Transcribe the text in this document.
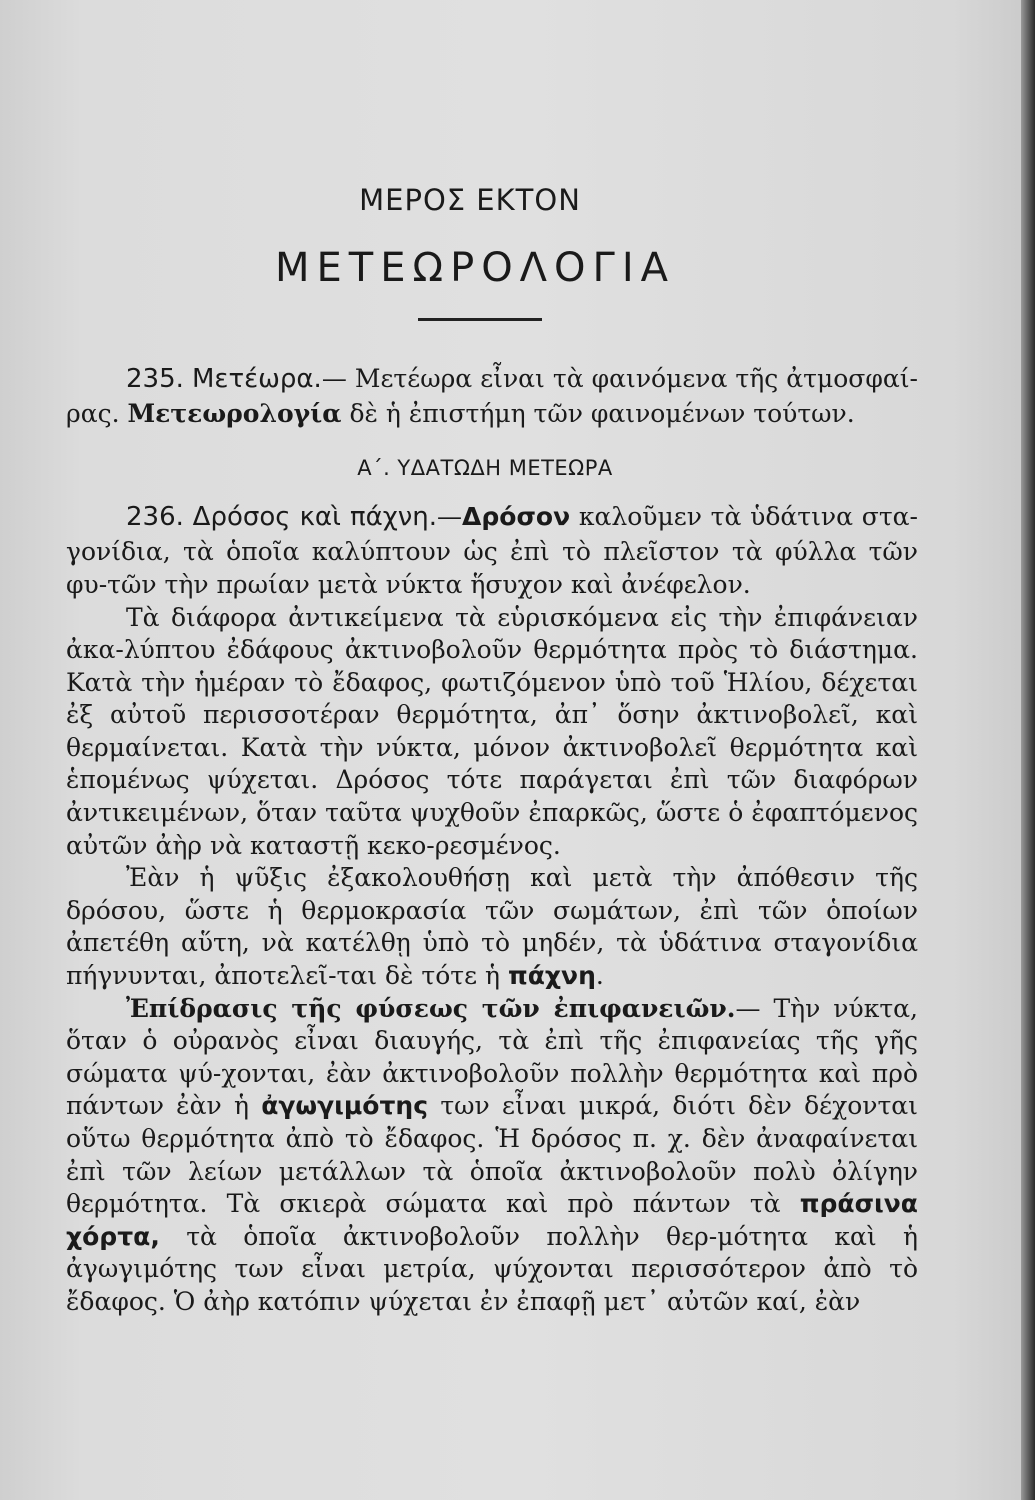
ΜΕΡΟΣ ΕΚΤΟΝ
ΜΕΤΕΩΡΟΛΟΓΙΑ

235. Μετέωρα.— Μετέωρα εἶναι τὰ φαινόμενα τῆς ἀτμοσφαί-ρας. Μετεωρολογία δὲ ἡ ἐπιστήμη τῶν φαινομένων τούτων.

Α΄. ΥΔΑΤΩΔΗ ΜΕΤΕΩΡΑ

236. Δρόσος καὶ πάχνη.—Δρόσον καλοῦμεν τὰ ὑδάτινα στα-γονίδια, τὰ ὁποῖα καλύπτουν ὡς ἐπὶ τὸ πλεῖστον τὰ φύλλα τῶν φυ-τῶν τὴν πρωίαν μετὰ νύκτα ἥσυχον καὶ ἀνέφελον.

Τὰ διάφορα ἀντικείμενα τὰ εὑρισκόμενα εἰς τὴν ἐπιφάνειαν ἀκα-λύπτου ἐδάφους ἀκτινοβολοῦν θερμότητα πρὸς τὸ διάστημα. Κατὰ τὴν ἡμέραν τὸ ἔδαφος, φωτιζόμενον ὑπὸ τοῦ Ἡλίου, δέχεται ἐξ αὐτοῦ περισσοτέραν θερμότητα, ἀπ᾿ ὅσην ἀκτινοβολεῖ, καὶ θερμαίνεται. Κατὰ τὴν νύκτα, μόνον ἀκτινοβολεῖ θερμότητα καὶ ἑπομένως ψύχεται. Δρόσος τότε παράγεται ἐπὶ τῶν διαφόρων ἀντικειμένων, ὅταν ταῦτα ψυχθοῦν ἐπαρκῶς, ὥστε ὁ ἐφαπτόμενος αὐτῶν ἀὴρ νὰ καταστῇ κεκο-ρεσμένος.

Ἐὰν ἡ ψῦξις ἐξακολουθήσῃ καὶ μετὰ τὴν ἀπόθεσιν τῆς δρόσου, ὥστε ἡ θερμοκρασία τῶν σωμάτων, ἐπὶ τῶν ὁποίων ἀπετέθη αὕτη, νὰ κατέλθῃ ὑπὸ τὸ μηδέν, τὰ ὑδάτινα σταγονίδια πήγνυνται, ἀποτελεῖ-ται δὲ τότε ἡ πάχνη.

Ἐπίδρασις τῆς φύσεως τῶν ἐπιφανειῶν.— Τὴν νύκτα, ὅταν ὁ οὐρανὸς εἶναι διαυγής, τὰ ἐπὶ τῆς ἐπιφανείας τῆς γῆς σώματα ψύ-χονται, ἐὰν ἀκτινοβολοῦν πολλὴν θερμότητα καὶ πρὸ πάντων ἐὰν ἡ ἀγωγιμότης των εἶναι μικρά, διότι δὲν δέχονται οὕτω θερμότητα ἀπὸ τὸ ἔδαφος. Ἡ δρόσος π. χ. δὲν ἀναφαίνεται ἐπὶ τῶν λείων μετάλλων τὰ ὁποῖα ἀκτινοβολοῦν πολὺ ὀλίγην θερμότητα. Τὰ σκιερὰ σώματα καὶ πρὸ πάντων τὰ πράσινα χόρτα, τὰ ὁποῖα ἀκτινοβολοῦν πολλὴν θερ-μότητα καὶ ἡ ἀγωγιμότης των εἶναι μετρία, ψύχονται περισσότερον ἀπὸ τὸ ἔδαφος. Ὁ ἀὴρ κατόπιν ψύχεται ἐν ἐπαφῇ μετ᾿ αὐτῶν καί, ἐὰν
